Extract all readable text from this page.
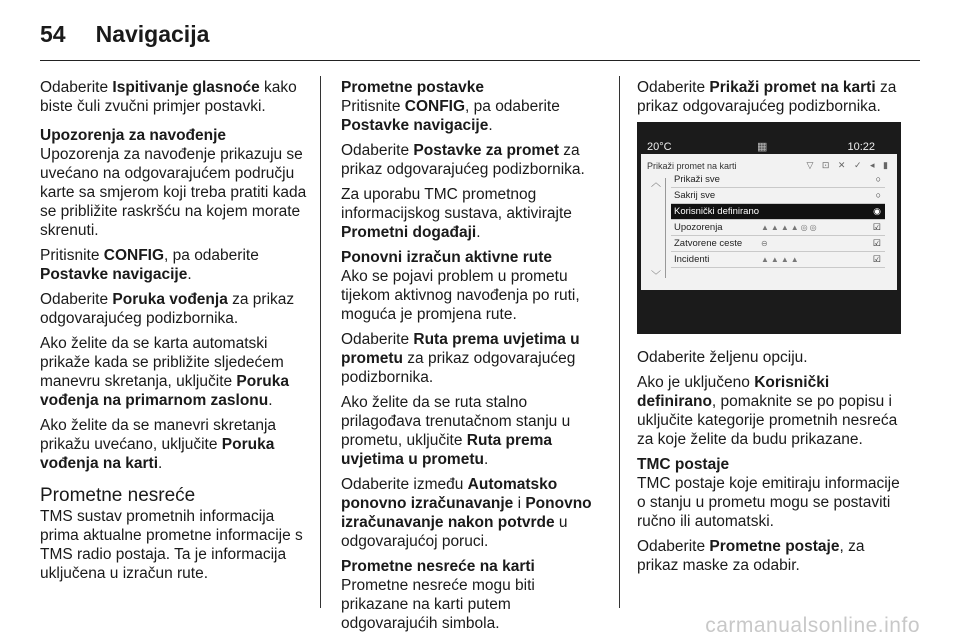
54 Navigacija

Odaberite Ispitivanje glasnoće kako biste čuli zvučni primjer postavki.

Upozorenja za navođenje

Upozorenja za navođenje prikazuju se uvećano na odgovarajućem području karte sa smjerom koji treba pratiti kada se približite raskršću na kojem morate skrenuti.

Pritisnite CONFIG, pa odaberite Postavke navigacije.

Odaberite Poruka vođenja za prikaz odgovarajućeg podizbornika.

Ako želite da se karta automatski prikaže kada se približite sljedećem manevru skretanja, uključite Poruka vođenja na primarnom zaslonu.

Ako želite da se manevri skretanja prikažu uvećano, uključite Poruka vođenja na karti.

Prometne nesreće

TMS sustav prometnih informacija prima aktualne prometne informacije s TMS radio postaja. Ta je informacija uključena u izračun rute.

Prometne postavke

Pritisnite CONFIG, pa odaberite Postavke navigacije.

Odaberite Postavke za promet za prikaz odgovarajućeg podizbornika.

Za uporabu TMC prometnog informacijskog sustava, aktivirajte Prometni događaji.

Ponovni izračun aktivne rute

Ako se pojavi problem u prometu tijekom aktivnog navođenja po ruti, moguća je promjena rute.

Odaberite Ruta prema uvjetima u prometu za prikaz odgovarajućeg podizbornika.

Ako želite da se ruta stalno prilagođava trenutačnom stanju u prometu, uključite Ruta prema uvjetima u prometu.

Odaberite između Automatsko ponovno izračunavanje i Ponovno izračunavanje nakon potvrde u odgovarajućoj poruci.

Prometne nesreće na karti

Prometne nesreće mogu biti prikazane na karti putem odgovarajućih simbola.

Odaberite Prikaži promet na karti za prikaz odgovarajućeg podizbornika.

20°C	▦	10:22
Prikaži promet na karti	▽ ⊡ ✕ ✓ ◂ ▮
︿
﹀
Prikaži sve	○
Sakrij sve	○
Korisnički definirano	◉
Upozorenja	▲▲▲▲◎◎	☑
Zatvorene ceste ⊖	☑
Incidenti	▲▲▲▲	☑

Odaberite željenu opciju.

Ako je uključeno Korisnički definirano, pomaknite se po popisu i uključite kategorije prometnih nesreća za koje želite da budu prikazane.

TMC postaje

TMC postaje koje emitiraju informacije o stanju u prometu mogu se postaviti ručno ili automatski.

Odaberite Prometne postaje, za prikaz maske za odabir.

carmanualsonline.info
